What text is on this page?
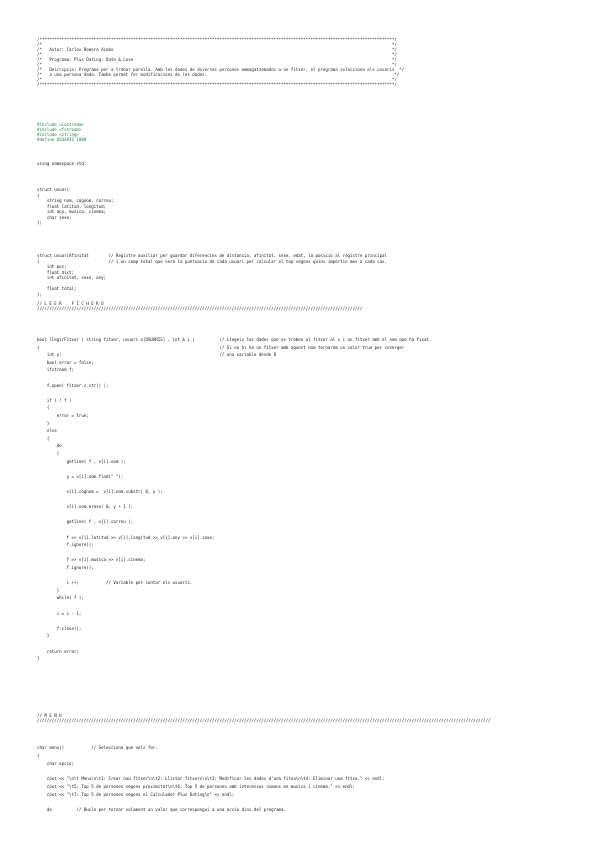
/************************************************************************************************************************************************/
/*                                                                                                                                              */
/*   Autor: Carlos Romero Acebo                                                                                                                 */
/*                                                                                                                                              */
/*   Programa: Plus Dating: Date & Love                                                                                                         */
/*                                                                                                                                              */
/*   Descripcio: Programa per a trobar parella. Amb les dades de diverses persones emmagatzemades a un fitxer, el programa selecciona els usuaris  */
/*   a una persona dada. Tambe permet fer modificacions de les dades.                                                                            */
/*                                                                                                                                              */
/************************************************************************************************************************************************/
#include <iostream>
#include <fstream>
#include <string>
#define USUARIS 1000
using namespace std;
struct usuari
{
string nom, cognom, correu;
float latitud, longitud;
int any, musica, cinema;
char sexe;
};
struct usuariAfinitat        // Registre auxiliar per guardar diferencies de distancia, afinitat, sexe, edat, la posicio al registre principal
{                            // i un camp total que sera la puntuacio de cada usuari per calcular el top segons quins importin mes a cada cas.
int pos;
float dist;
int afinitat, sexe, any;
float total;
};
// L E E R    F I C H E R O
////////////////////////////////////////////////////////////////////////////////////////////////////////////////////////////////////
bool llegirFitxer ( string fitxer, usuari v[USUARIS] , int & i )          // Llegeix les dades que es troben al fitxer al v i un fitxer amb el nom que ha fixat.
{                                                                         // Si no hi ha un fitxer amb aquest nom tornarem un valor true per coverger
int y;                                                                // una variable desde 0
bool error = false;
ifstream f;
f.open( fitxer.c_str() );
if ( ! f )
{
error = true;
}
else
{
do
{
getline( f , v[i].nom );
y = v[i].nom.find(" ");
v[i].cognom =  v[i].nom.substr( 0, y );
v[i].nom.erase( 0, y + 1 );
getline( f , v[i].correu );
f >> v[i].latitud >> v[i].longitud >> v[i].any >> v[i].sexe;
f.ignore();
f >> v[i].musica >> v[i].cinema;
f.ignore();
i ++;           // Variable per contar els usuaris.
}
while( f );
i = i - 1;
f.close();
}
return error;
}
// M E N U
////////////////////////////////////////////////////////////////////////////////////////////////////////////////////////////////////////////////////////////////////////////////////////
char menu()           // Selecciona que vols fer.
{
char opcio;
cout << "\n\t Menu\n\t1: Crear nou fitxer\n\t2: Llistar fitxers\n\t3: Modificar les dades d'una fitxa\n\t4: Eliminar una fitxa." << endl;
cout << "\t5: Top 5 de persones segons proximitat\n\t6: Top 5 de persones amb interessos comuns en musica i cinema." << endl;
cout << "\t7: Top 5 de persones segons el Calculador Plus Dating\n" << endl;
do          // Bucle per tornar solament un valor que correspongui a una accio dins del programa.
